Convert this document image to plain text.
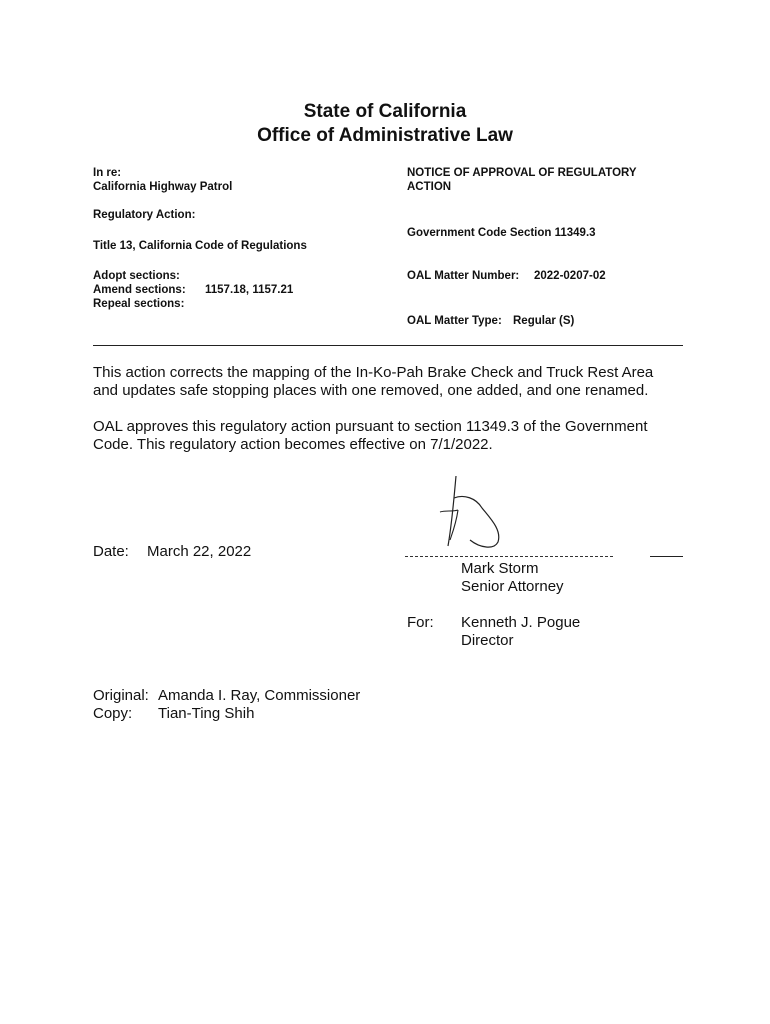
State of California
Office of Administrative Law
In re:
California Highway Patrol
Regulatory Action:
Title 13, California Code of Regulations
Adopt sections:
Amend sections: 1157.18, 1157.21
Repeal sections:
NOTICE OF APPROVAL OF REGULATORY
ACTION
Government Code Section 11349.3
OAL Matter Number: 2022-0207-02
OAL Matter Type: Regular (S)
This action corrects the mapping of the In-Ko-Pah Brake Check and Truck Rest Area
and updates safe stopping places with one removed, one added, and one renamed.
OAL approves this regulatory action pursuant to section 11349.3 of the Government
Code. This regulatory action becomes effective on 7/1/2022.
Date: March 22, 2022
Mark Storm
Senior Attorney
For: Kenneth J. Pogue
Director
Original: Amanda I. Ray, Commissioner
Copy: Tian-Ting Shih
